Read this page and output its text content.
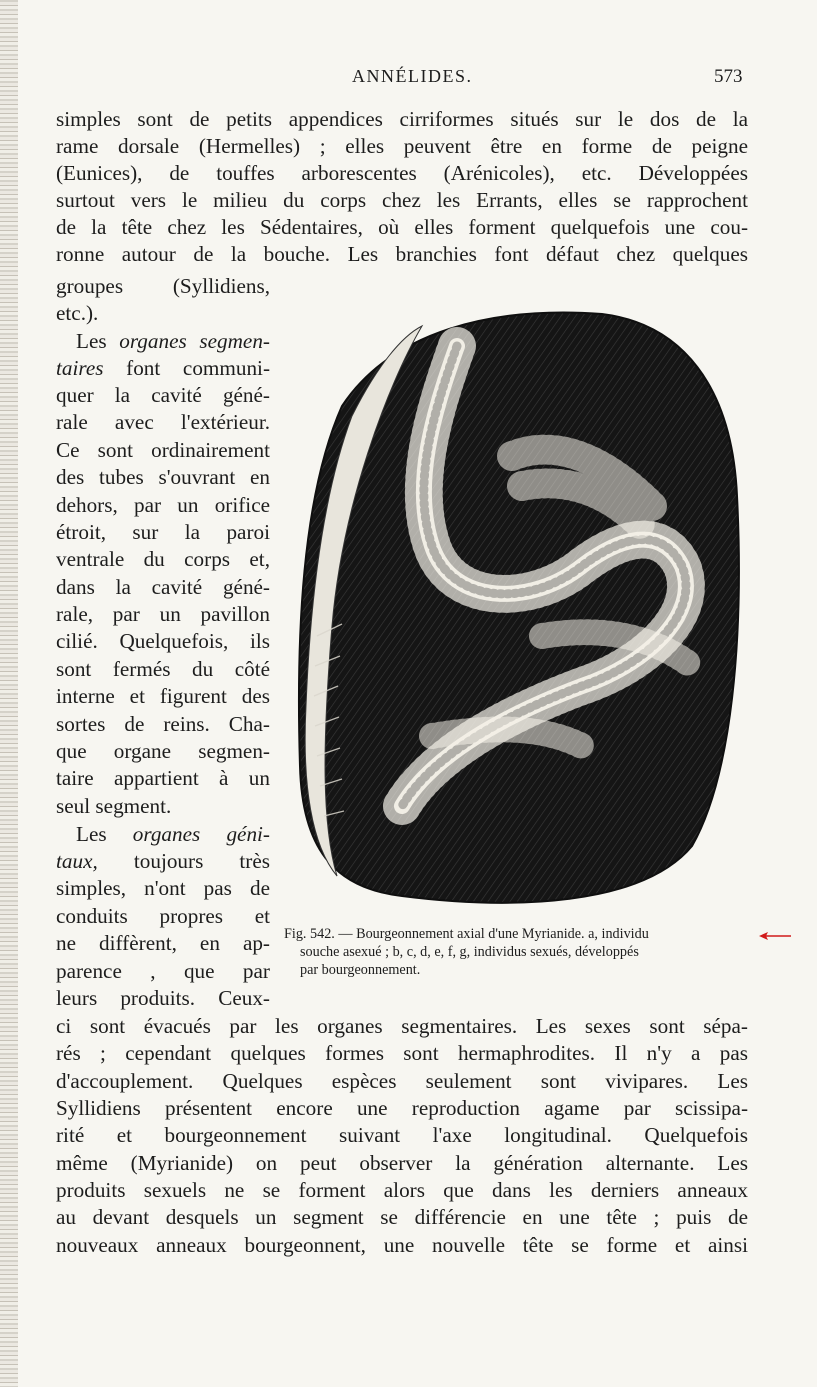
ANNÉLIDES.	573
simples sont de petits appendices cirriformes situés sur le dos de la
rame dorsale (Hermelles) ; elles peuvent être en forme de peigne
(Eunices), de touffes arborescentes (Arénicoles), etc. Développées
surtout vers le milieu du corps chez les Errants, elles se rapprochent
de la tête chez les Sédentaires, où elles forment quelquefois une cou-
ronne autour de la bouche. Les branchies font défaut chez quelques
groupes (Syllidiens,
etc.).
Les organes segmen-
taires font communi-
quer la cavité géné-
rale avec l'extérieur.
Ce sont ordinairement
des tubes s'ouvrant en
dehors, par un orifice
étroit, sur la paroi
ventrale du corps et,
dans la cavité géné-
rale, par un pavillon
cilié. Quelquefois, ils
sont fermés du côté
interne et figurent des
sortes de reins. Cha-
que organe segmen-
taire appartient à un
seul segment.
Les organes géni-
taux, toujours très
simples, n'ont pas de
conduits propres et
ne diffèrent, en ap-
parence , que par
leurs produits. Ceux-
ci sont évacués par les organes segmentaires. Les sexes sont sépa-
rés ; cependant quelques formes sont hermaphrodites. Il n'y a pas
d'accouplement. Quelques espèces seulement sont vivipares. Les
Syllidiens présentent encore une reproduction agame par scissipa-
rité et bourgeonnement suivant l'axe longitudinal. Quelquefois
même (Myrianide) on peut observer la génération alternante. Les
produits sexuels ne se forment alors que dans les derniers anneaux
au devant desquels un segment se différencie en une tête ; puis de
nouveaux anneaux bourgeonnent, une nouvelle tête se forme et ainsi
Fig. 542. — Bourgeonnement axial d'une Myrianide. a, individu
souche asexué ; b, c, d, e, f, g, individus sexués, développés
par bourgeonnement.
